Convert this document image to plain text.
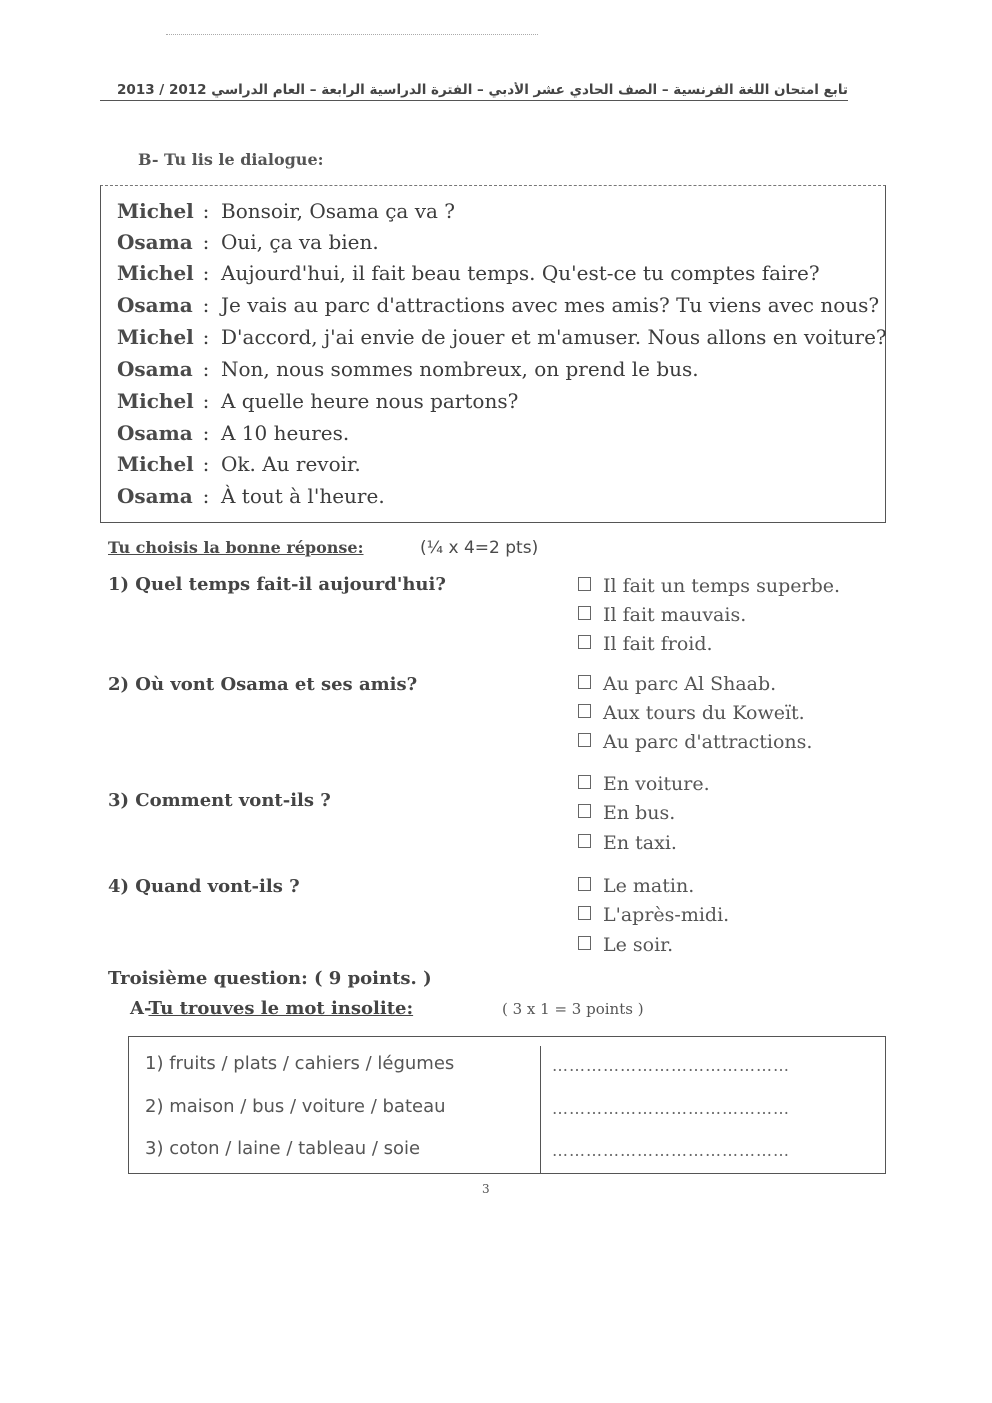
تابع امتحان اللغة الفرنسية – الصف الحادي عشر الأدبي – الفترة الدراسية الرابعة – العام الدراسي 2012 / 2013
B- Tu lis le dialogue:
Michel : Bonsoir, Osama ça va ?
Osama : Oui, ça va bien.
Michel : Aujourd'hui, il fait beau temps. Qu'est-ce tu comptes faire?
Osama : Je vais au parc d'attractions avec mes amis? Tu viens avec nous?
Michel : D'accord, j'ai envie de jouer et m'amuser. Nous allons en voiture?
Osama : Non, nous sommes nombreux, on prend le bus.
Michel : A quelle heure nous partons?
Osama : A 10 heures.
Michel : Ok. Au revoir.
Osama : À tout à l'heure.
Tu choisis la bonne réponse:	(¼ x 4=2 pts)
1) Quel temps fait-il aujourd'hui?	Il fait un temps superbe.
Il fait mauvais.
Il fait froid.
2) Où vont Osama et ses amis?	Au parc Al Shaab.
Aux tours du Koweït.
Au parc d'attractions.
3) Comment vont-ils ?
En voiture.
En bus.
En taxi.
4) Quand vont-ils ?	Le matin.
L'après-midi.
Le soir.
Troisième question: ( 9 points. )
A-Tu trouves le mot insolite:	( 3 x 1 = 3 points )
1) fruits / plats / cahiers / légumes	……………………………………
2) maison / bus / voiture / bateau	……………………………………
3) coton / laine / tableau / soie	……………………………………
3
